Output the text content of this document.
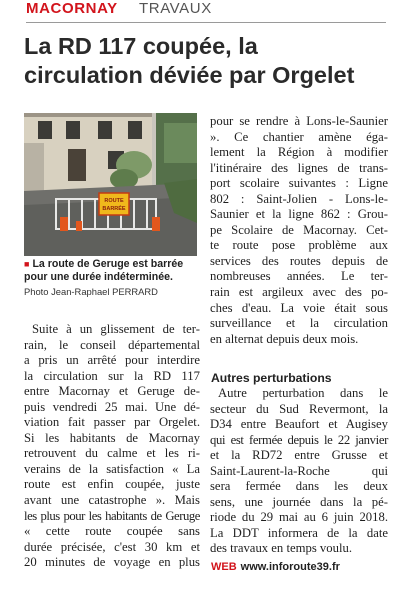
MACORNAY TRAVAUX
La RD 117 coupée, la
circulation déviée par Orgelet
ROUTE
BARRÉE
■ La route de Geruge est barrée
pour une durée indéterminée.
Photo Jean-Raphael PERRARD
Suite à un glissement de ter-
rain, le conseil départemental
a pris un arrêté pour interdire
la circulation sur la RD 117
entre Macornay et Geruge de-
puis vendredi 25 mai. Une dé-
viation fait passer par Orgelet.
Si les habitants de Macornay
retrouvent du calme et les ri-
verains de la satisfaction « La
route est enfin coupée, juste
avant une catastrophe ». Mais
les plus pour les habitants de Geruge
« cette route coupée sans
durée précisée, c'est 30 km et
20 minutes de voyage en plus
pour se rendre à Lons-le-Saunier
». Ce chantier amène éga-
lement la Région à modifier
l'itinéraire des lignes de trans-
port scolaire suivantes : Ligne
802 : Saint-Jolien - Lons-le-
Saunier et la ligne 862 : Grou-
pe Scolaire de Macornay. Cet-
te route pose problème aux
services des routes depuis de
nombreuses années. Le ter-
rain est argileux avec des po-
ches d'eau. La voie était sous
surveillance et la circulation
en alternat depuis deux mois.
Autres perturbations
Autre perturbation dans le
secteur du Sud Revermont, la
D34 entre Beaufort et Augisey
qui est fermée depuis le 22 janvier
et la RD72 entre Grusse et
Saint-Laurent-la-Roche qui
sera fermée dans les deux
sens, une journée dans la pé-
riode du 29 mai au 6 juin 2018.
La DDT informera de la date
des travaux en temps voulu.
WEB www.inforoute39.fr
